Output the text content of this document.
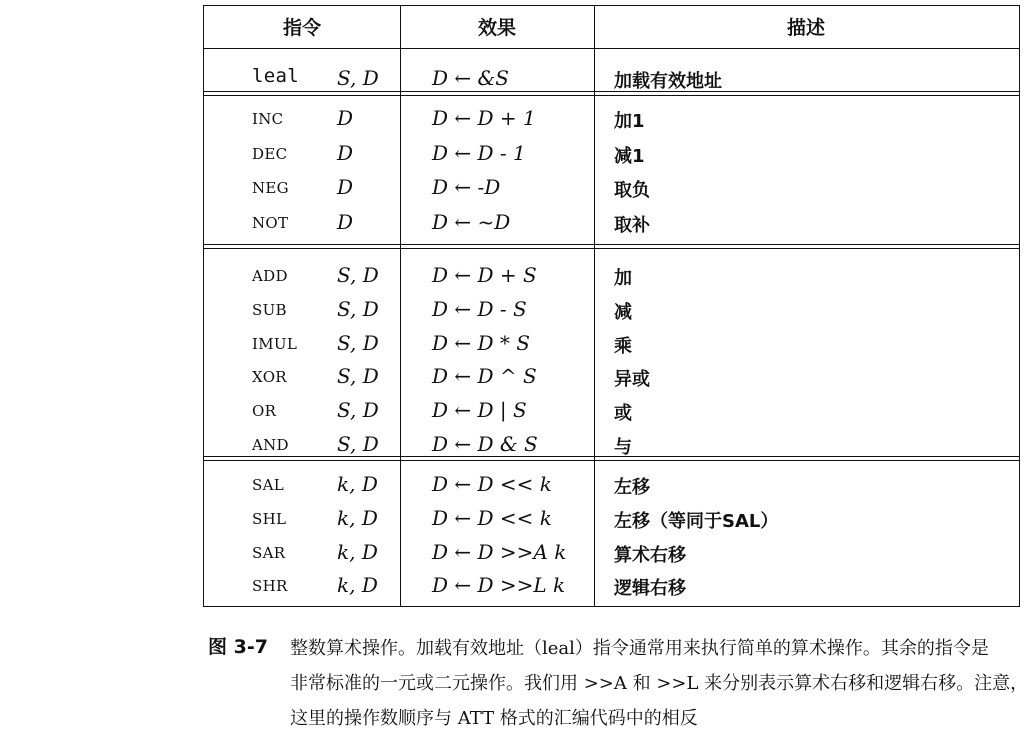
指令	效果	描述
leal S, D	D ← &S	加载有效地址
INC	D	D ← D + 1	加1
DEC D	D ← D - 1	减1
NEG D	D ← -D	取负
NOT D	D ← ~D	取补
ADD S, D	D ← D + S	加
SUB	S, D	D ← D - S	减
IMUL S, D	D ← D * S	乘
XOR	S, D	D ← D ^ S	异或
OR	S, D	D ← D | S	或
AND S, D	D ← D & S	与
SAL	k, D	D ← D << k	左移
SHL	k, D	D ← D << k	左移（等同于SAL）
SAR	k, D	D ← D >>A k	算术右移
SHR k, D	D ← D >>L k	逻辑右移
图 3-7 整数算术操作。加载有效地址（leal）指令通常用来执行简单的算术操作。其余的指令是
非常标准的一元或二元操作。我们用 >>A 和 >>L 来分别表示算术右移和逻辑右移。注意，
这里的操作数顺序与 ATT 格式的汇编代码中的相反
